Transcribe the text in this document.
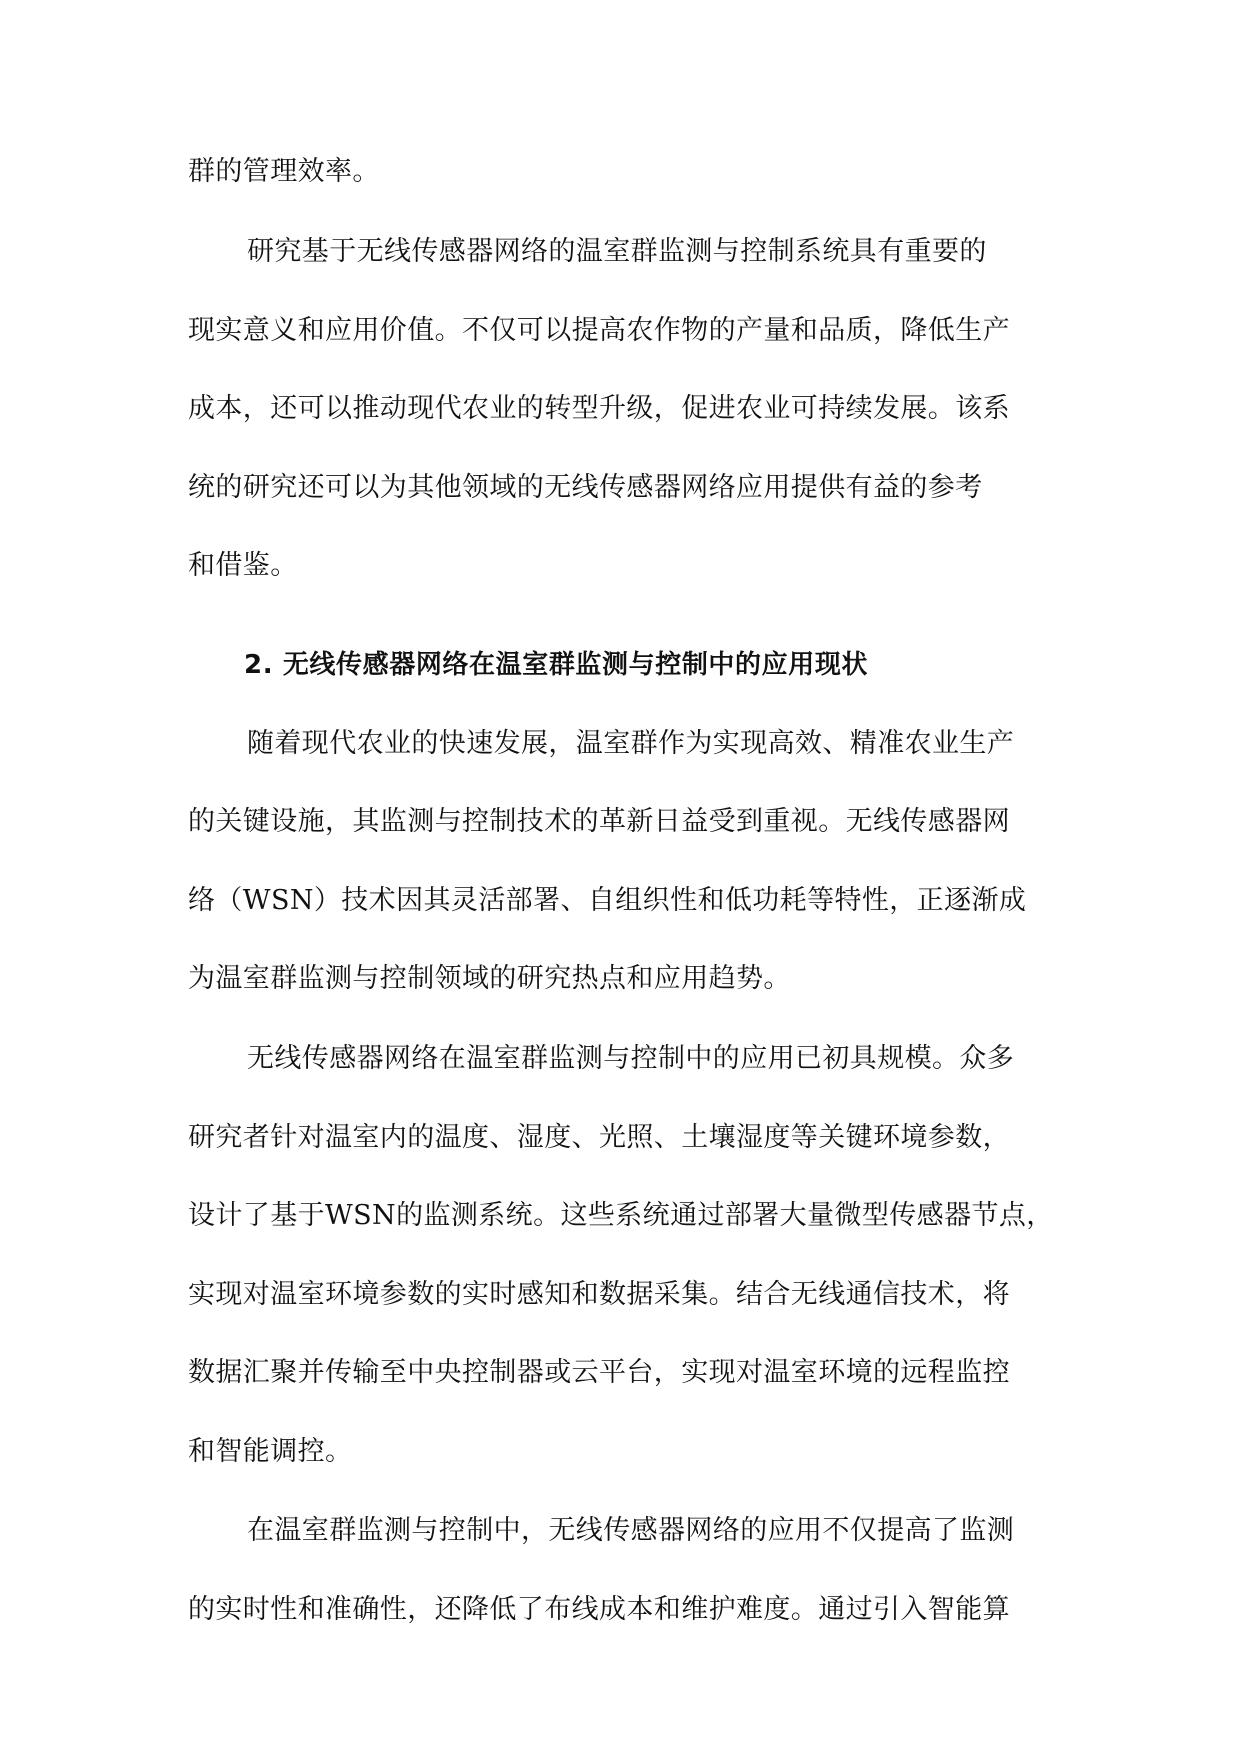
群的管理效率。
研究基于无线传感器网络的温室群监测与控制系统具有重要的
现实意义和应用价值。不仅可以提高农作物的产量和品质，降低生产
成本，还可以推动现代农业的转型升级，促进农业可持续发展。该系
统的研究还可以为其他领域的无线传感器网络应用提供有益的参考
和借鉴。
2. 无线传感器网络在温室群监测与控制中的应用现状
随着现代农业的快速发展，温室群作为实现高效、精准农业生产
的关键设施，其监测与控制技术的革新日益受到重视。无线传感器网
络（WSN）技术因其灵活部署、自组织性和低功耗等特性，正逐渐成
为温室群监测与控制领域的研究热点和应用趋势。
无线传感器网络在温室群监测与控制中的应用已初具规模。众多
研究者针对温室内的温度、湿度、光照、土壤湿度等关键环境参数，
设计了基于WSN的监测系统。这些系统通过部署大量微型传感器节点，
实现对温室环境参数的实时感知和数据采集。结合无线通信技术，将
数据汇聚并传输至中央控制器或云平台，实现对温室环境的远程监控
和智能调控。
在温室群监测与控制中，无线传感器网络的应用不仅提高了监测
的实时性和准确性，还降低了布线成本和维护难度。通过引入智能算
